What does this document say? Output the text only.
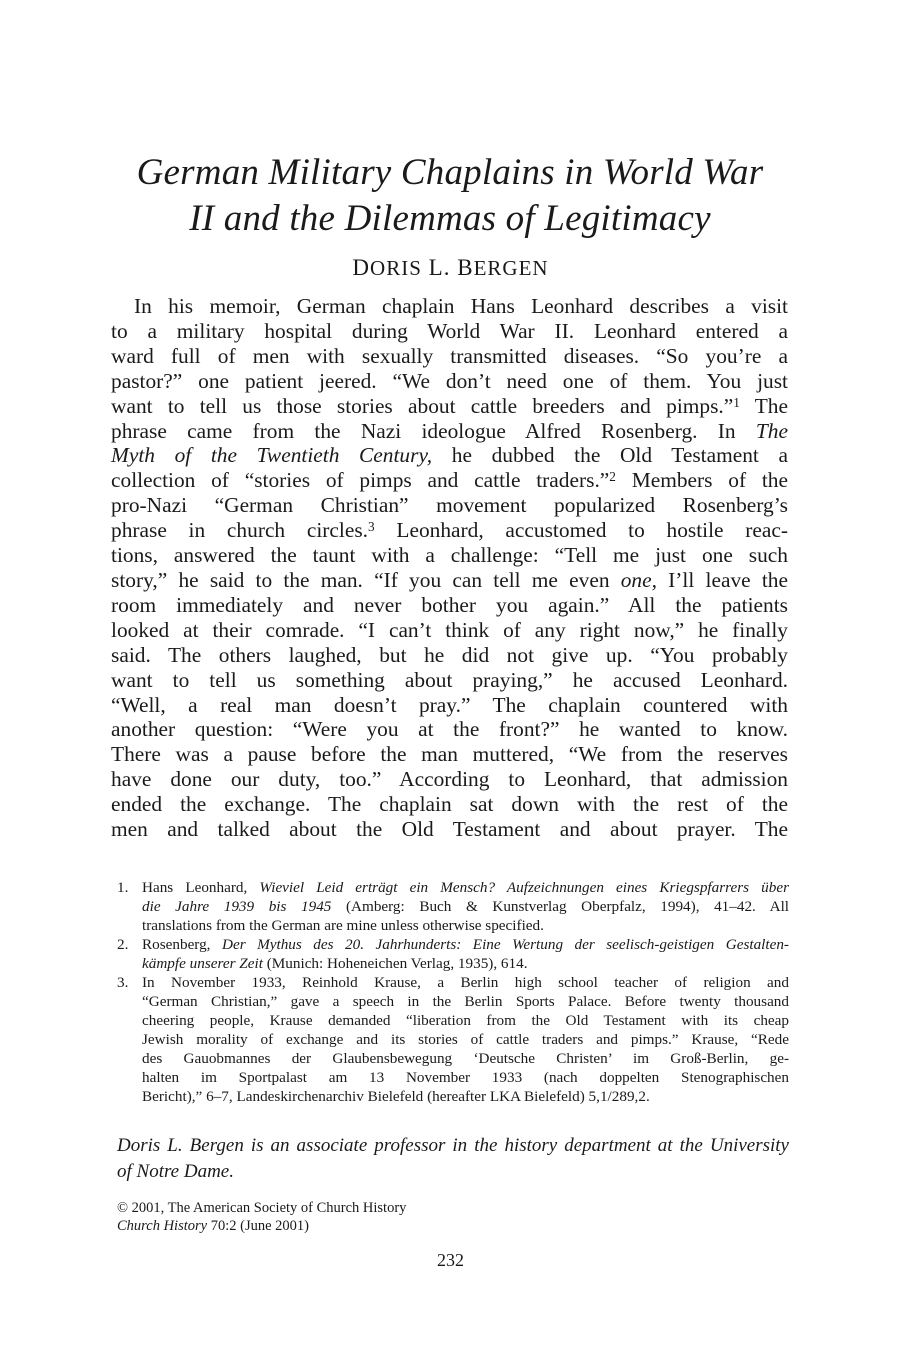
German Military Chaplains in World War
II and the Dilemmas of Legitimacy
DORIS L. BERGEN

In his memoir, German chaplain Hans Leonhard describes a visit
to a military hospital during World War II. Leonhard entered a
ward full of men with sexually transmitted diseases. “So you’re a
pastor?” one patient jeered. “We don’t need one of them. You just
want to tell us those stories about cattle breeders and pimps.”$^1$ The
phrase came from the Nazi ideologue Alfred Rosenberg. In The
Myth of the Twentieth Century, he dubbed the Old Testament a
collection of “stories of pimps and cattle traders.”$^2$ Members of the
pro-Nazi “German Christian” movement popularized Rosenberg’s
phrase in church circles.$^3$ Leonhard, accustomed to hostile reac-
tions, answered the taunt with a challenge: “Tell me just one such
story,” he said to the man. “If you can tell me even one, I’ll leave the
room immediately and never bother you again.” All the patients
looked at their comrade. “I can’t think of any right now,” he finally
said. The others laughed, but he did not give up. “You probably
want to tell us something about praying,” he accused Leonhard.
“Well, a real man doesn’t pray.” The chaplain countered with
another question: “Were you at the front?” he wanted to know.
There was a pause before the man muttered, “We from the reserves
have done our duty, too.” According to Leonhard, that admission
ended the exchange. The chaplain sat down with the rest of the
men and talked about the Old Testament and about prayer. The

1. Hans Leonhard, Wieviel Leid erträgt ein Mensch? Aufzeichnungen eines Kriegspfarrers über
die Jahre 1939 bis 1945 (Amberg: Buch & Kunstverlag Oberpfalz, 1994), 41–42. All
translations from the German are mine unless otherwise specified.
2. Rosenberg, Der Mythus des 20. Jahrhunderts: Eine Wertung der seelisch-geistigen Gestalten-
kämpfe unserer Zeit (Munich: Hoheneichen Verlag, 1935), 614.
3. In November 1933, Reinhold Krause, a Berlin high school teacher of religion and
“German Christian,” gave a speech in the Berlin Sports Palace. Before twenty thousand
cheering people, Krause demanded “liberation from the Old Testament with its cheap
Jewish morality of exchange and its stories of cattle traders and pimps.” Krause, “Rede
des Gauobmannes der Glaubensbewegung ‘Deutsche Christen’ im Groß-Berlin, ge-
halten im Sportpalast am 13 November 1933 (nach doppelten Stenographischen
Bericht),” 6–7, Landeskirchenarchiv Bielefeld (hereafter LKA Bielefeld) 5,1/289,2.
Doris L. Bergen is an associate professor in the history department at the University
of Notre Dame.
© 2001, The American Society of Church History
Church History 70:2 (June 2001)
232
